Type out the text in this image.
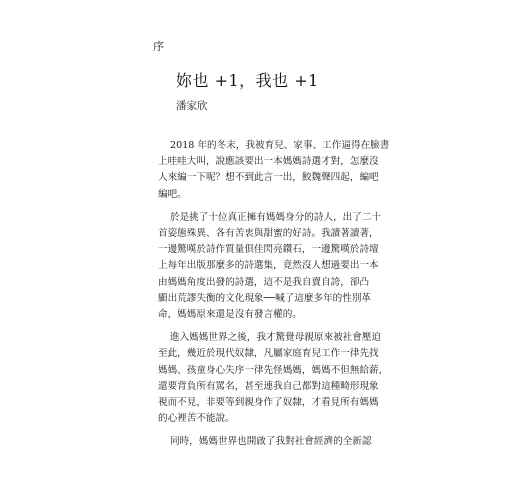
序
妳也 +1，我也 +1
潘家欣

2018 年的冬末，我被育兒、家事、工作逼得在臉書
上哇哇大叫，說應該要出一本媽媽詩選才對，怎麼沒
人來編一下呢？想不到此言一出，鮫魏聲四起，編吧
編吧。

於是挑了十位真正擁有媽媽身分的詩人，出了二十
首姿態殊異、各有苦衷與甜蜜的好詩。我讀著讀著，
一邊驚嘆於詩作質量俱佳閃亮鑽石，一邊驚嘆於詩壇
上每年出版那麼多的詩選集，竟然沒人想過要出一本
由媽媽角度出發的詩選，這不是我自賣自誇，卻凸
顯出荒謬失衡的文化現象──喊了這麼多年的性別革
命，媽媽原來還是沒有發言權的。

進入媽媽世界之後，我才驚覺母親原來被社會壓迫
至此，幾近於現代奴隸，凡屬家庭育兒工作一律先找
媽媽、孩童身心失序一律先怪媽媽，媽媽不但無給薪，
還要背負所有罵名，甚至連我自己都對這種畸形現象
視而不見，非要等到親身作了奴隸，才看見所有媽媽
的心裡苦不能說。

同時，媽媽世界也開啟了我對社會經濟的全新認
